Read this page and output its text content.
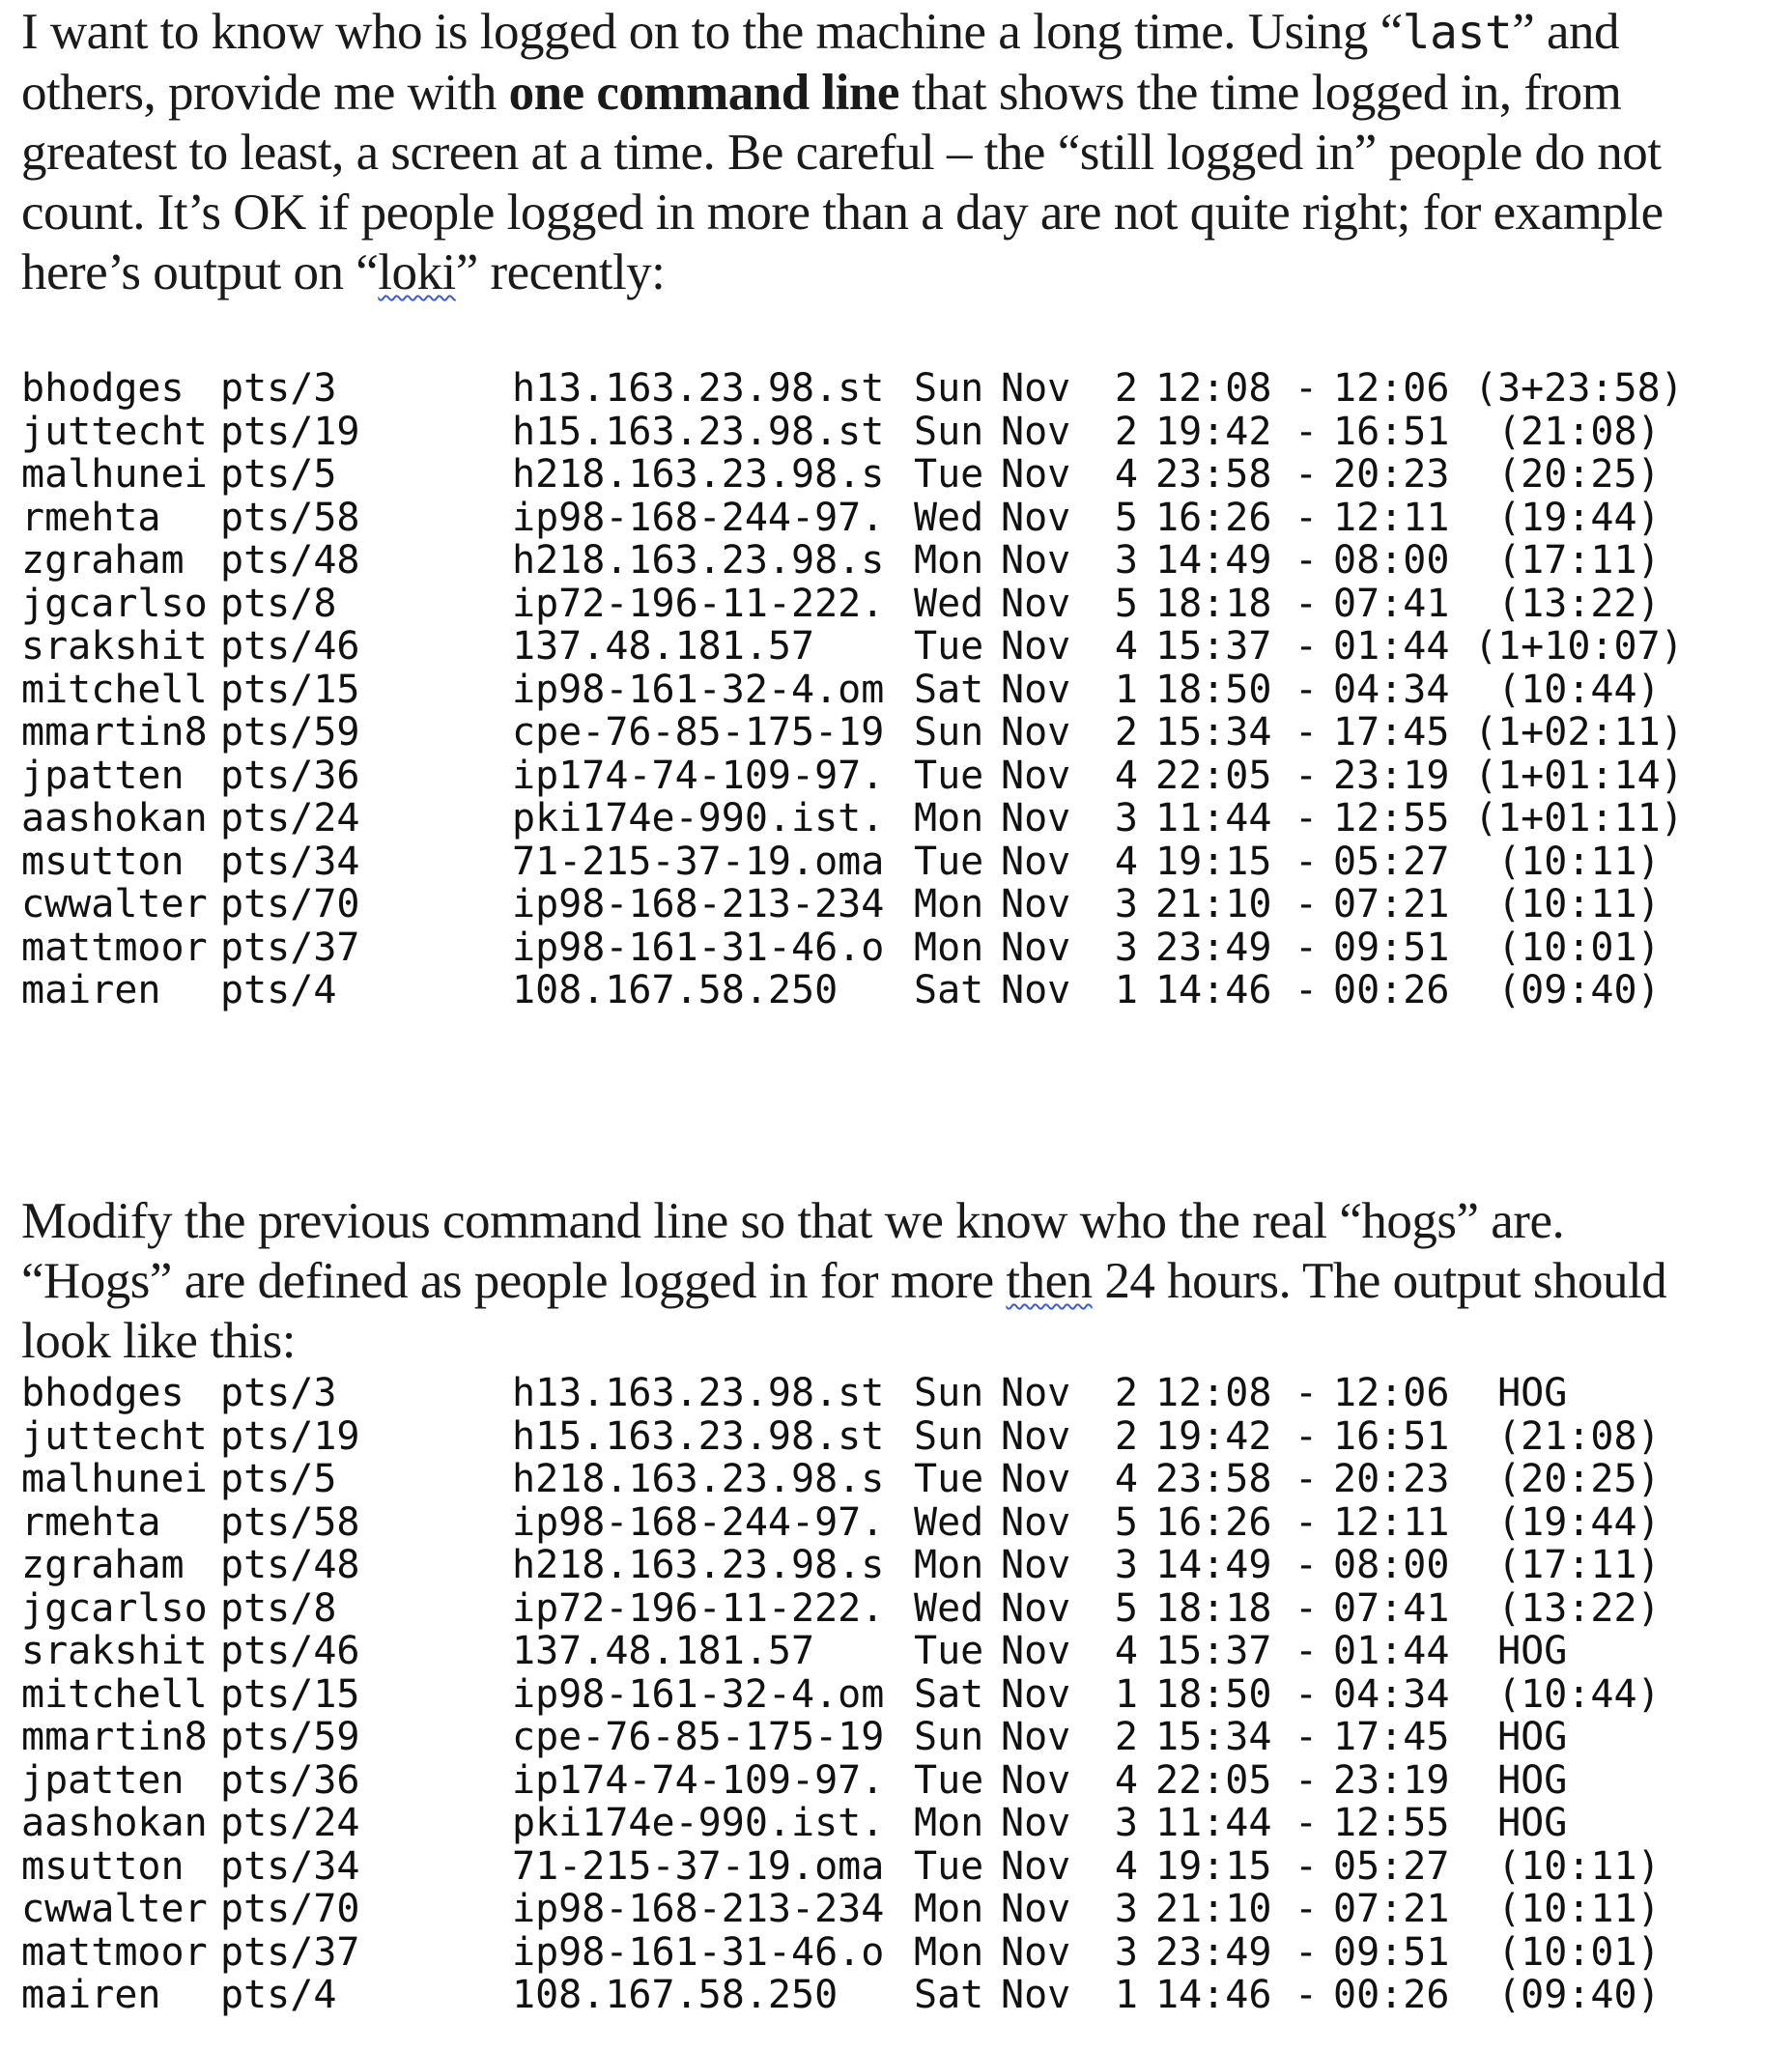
I want to know who is logged on to the machine a long time. Using “last” and others, provide me with one command line that shows the time logged in, from greatest to least, a screen at a time. Be careful – the “still logged in” people do not count. It’s OK if people logged in more than a day are not quite right; for example here’s output on “loki” recently:

bhodges pts/3	h13.163.23.98.st Sun Nov 2 12:08 - 12:06 (3+23:58)
juttecht pts/19	h15.163.23.98.st Sun Nov 2 19:42 - 16:51 (21:08)
malhunei pts/5	h218.163.23.98.s Tue Nov 4 23:58 - 20:23 (20:25)
rmehta pts/58	ip98-168-244-97. Wed Nov 5 16:26 - 12:11 (19:44)
zgraham pts/48	h218.163.23.98.s Mon Nov 3 14:49 - 08:00 (17:11)
jgcarlso pts/8	ip72-196-11-222. Wed Nov 5 18:18 - 07:41 (13:22)
srakshit pts/46	137.48.181.57	Tue Nov 4 15:37 - 01:44 (1+10:07)
mitchell pts/15	ip98-161-32-4.om Sat Nov 1 18:50 - 04:34 (10:44)
mmartin8 pts/59	cpe-76-85-175-19 Sun Nov 2 15:34 - 17:45 (1+02:11)
jpatten pts/36	ip174-74-109-97. Tue Nov 4 22:05 - 23:19 (1+01:14)
aashokan pts/24	pki174e-990.ist. Mon Nov 3 11:44 - 12:55 (1+01:11)
msutton pts/34	71-215-37-19.oma Tue Nov 4 19:15 - 05:27 (10:11)
cwwalter pts/70	ip98-168-213-234 Mon Nov 3 21:10 - 07:21 (10:11)
mattmoor pts/37	ip98-161-31-46.o Mon Nov 3 23:49 - 09:51 (10:01)
mairen pts/4	108.167.58.250 Sat Nov 1 14:46 - 00:26 (09:40)

Modify the previous command line so that we know who the real “hogs” are. “Hogs” are defined as people logged in for more then 24 hours. The output should look like this:

bhodges pts/3	h13.163.23.98.st Sun Nov 2 12:08 - 12:06 HOG
juttecht pts/19	h15.163.23.98.st Sun Nov 2 19:42 - 16:51 (21:08)
malhunei pts/5	h218.163.23.98.s Tue Nov 4 23:58 - 20:23 (20:25)
rmehta pts/58	ip98-168-244-97. Wed Nov 5 16:26 - 12:11 (19:44)
zgraham pts/48	h218.163.23.98.s Mon Nov 3 14:49 - 08:00 (17:11)
jgcarlso pts/8	ip72-196-11-222. Wed Nov 5 18:18 - 07:41 (13:22)
srakshit pts/46	137.48.181.57	Tue Nov 4 15:37 - 01:44 HOG
mitchell pts/15	ip98-161-32-4.om Sat Nov 1 18:50 - 04:34 (10:44)
mmartin8 pts/59	cpe-76-85-175-19 Sun Nov 2 15:34 - 17:45 HOG
jpatten pts/36	ip174-74-109-97. Tue Nov 4 22:05 - 23:19 HOG
aashokan pts/24	pki174e-990.ist. Mon Nov 3 11:44 - 12:55 HOG
msutton pts/34	71-215-37-19.oma Tue Nov 4 19:15 - 05:27 (10:11)
cwwalter pts/70	ip98-168-213-234 Mon Nov 3 21:10 - 07:21 (10:11)
mattmoor pts/37	ip98-161-31-46.o Mon Nov 3 23:49 - 09:51 (10:01)
mairen pts/4	108.167.58.250 Sat Nov 1 14:46 - 00:26 (09:40)
